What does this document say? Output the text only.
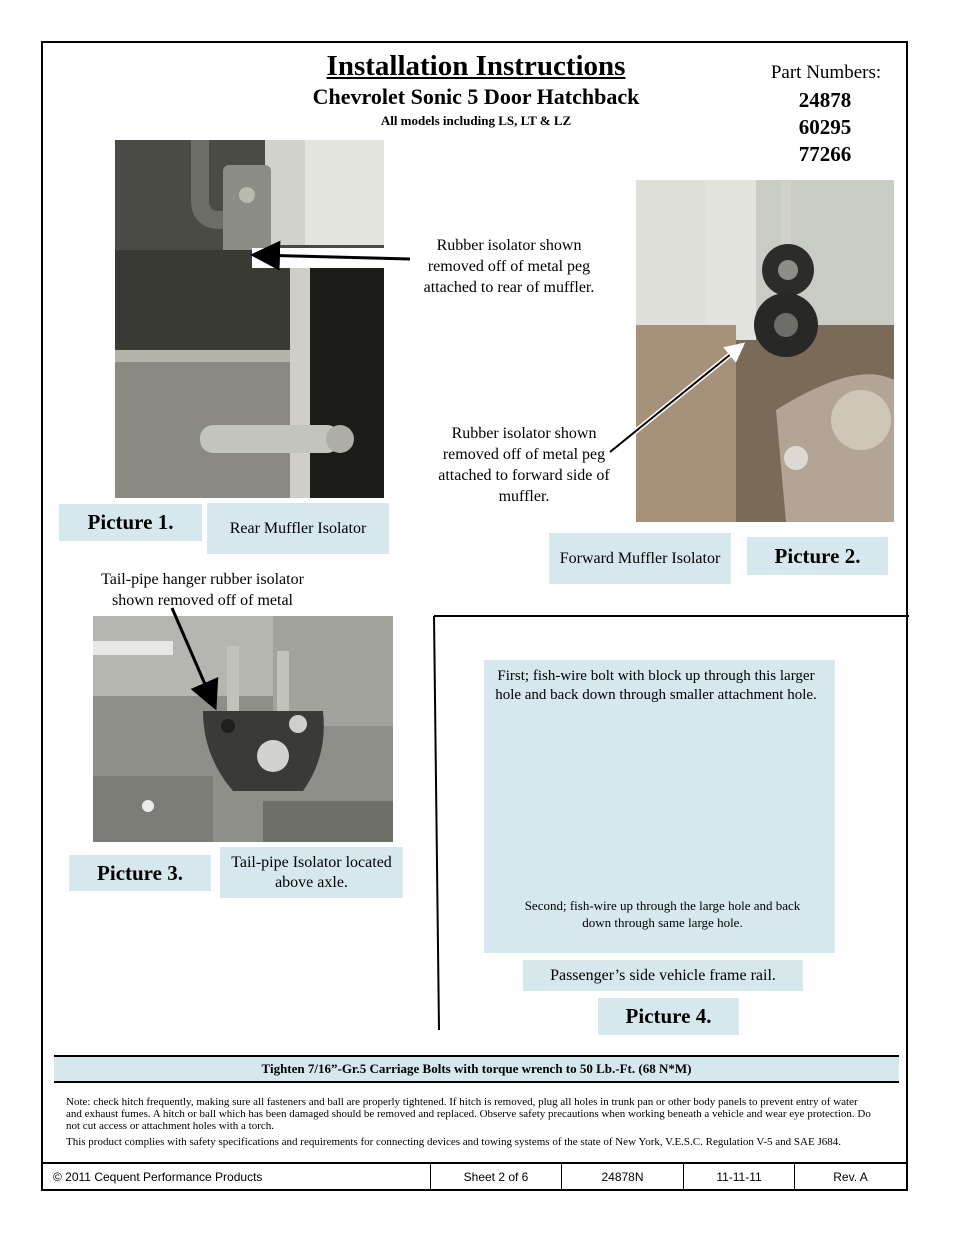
Installation Instructions
Chevrolet Sonic 5 Door Hatchback
All models including LS, LT & LZ
Part Numbers:
24878
60295
77266
Rubber isolator shown removed off of metal peg attached to rear of muffler.
Picture 1.	Rear Muffler Isolator
Rubber isolator shown removed off of metal peg attached to forward side of muffler.
Forward Muffler Isolator	Picture 2.
Tail-pipe hanger rubber isolator shown removed off of metal
Picture 3.	Tail-pipe Isolator located above axle.
First; fish-wire bolt with block up through this larger hole and back down through smaller attachment hole.
Second; fish-wire up through the large hole and back down through same large hole.
Passenger’s side vehicle frame rail.
Picture 4.
Tighten 7/16”-Gr.5 Carriage Bolts with torque wrench to 50 Lb.-Ft. (68 N*M)
Note: check hitch frequently, making sure all fasteners and ball are properly tightened. If hitch is removed, plug all holes in trunk pan or other body panels to prevent entry of water and exhaust fumes. A hitch or ball which has been damaged should be removed and replaced. Observe safety precautions when working beneath a vehicle and wear eye protection. Do not cut access or attachment holes with a torch.
This product complies with safety specifications and requirements for connecting devices and towing systems of the state of New York, V.E.S.C. Regulation V-5 and SAE J684.
© 2011 Cequent Performance Products	Sheet 2 of 6	24878N	11-11-11	Rev. A
